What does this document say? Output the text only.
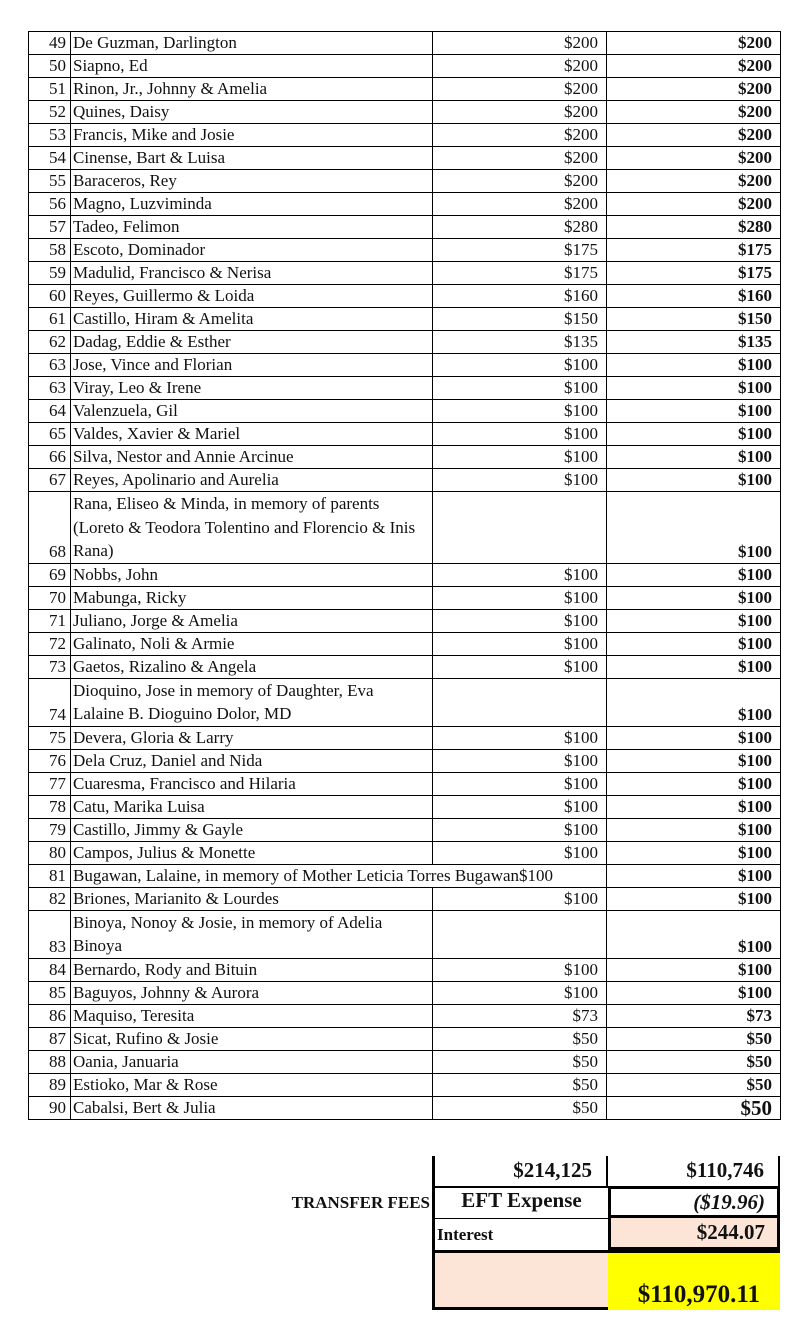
49	De Guzman, Darlington	$200	$200
50	Siapno, Ed	$200	$200
51	Rinon, Jr., Johnny & Amelia	$200	$200
52	Quines, Daisy	$200	$200
53	Francis, Mike and Josie	$200	$200
54	Cinense, Bart & Luisa	$200	$200
55	Baraceros, Rey	$200	$200
56	Magno, Luzviminda	$200	$200
57	Tadeo, Felimon	$280	$280
58	Escoto, Dominador	$175	$175
59	Madulid, Francisco & Nerisa	$175	$175
60	Reyes, Guillermo & Loida	$160	$160
61	Castillo, Hiram & Amelita	$150	$150
62	Dadag, Eddie & Esther	$135	$135
63	Jose, Vince and Florian	$100	$100
63	Viray, Leo & Irene	$100	$100
64	Valenzuela, Gil	$100	$100
65	Valdes, Xavier & Mariel	$100	$100
66	Silva, Nestor and Annie Arcinue	$100	$100
67	Reyes, Apolinario and Aurelia	$100	$100
68	Rana, Eliseo & Minda, in memory of parents (Loreto & Teodora Tolentino and Florencio & Inis Rana)		$100
69	Nobbs, John	$100	$100
70	Mabunga, Ricky	$100	$100
71	Juliano, Jorge & Amelia	$100	$100
72	Galinato, Noli & Armie	$100	$100
73	Gaetos, Rizalino & Angela	$100	$100
74	Dioquino, Jose in memory of Daughter, Eva Lalaine B. Dioguino Dolor, MD		$100
75	Devera, Gloria & Larry	$100	$100
76	Dela Cruz, Daniel and Nida	$100	$100
77	Cuaresma, Francisco and Hilaria	$100	$100
78	Catu, Marika Luisa	$100	$100
79	Castillo, Jimmy & Gayle	$100	$100
80	Campos, Julius & Monette	$100	$100
81	Bugawan, Lalaine, in memory of Mother Leticia Torres Bugawan$100		$100
82	Briones, Marianito & Lourdes	$100	$100
83	Binoya, Nonoy & Josie, in memory of Adelia Binoya		$100
84	Bernardo, Rody and Bituin	$100	$100
85	Baguyos, Johnny & Aurora	$100	$100
86	Maquiso, Teresita	$73	$73
87	Sicat, Rufino & Josie	$50	$50
88	Oania, Januaria	$50	$50
89	Estioko, Mar & Rose	$50	$50
90	Cabalsi, Bert & Julia	$50	$50
$214,125	$110,746
TRANSFER FEES	EFT Expense	($19.96)
Interest	$244.07
$110,970.11
